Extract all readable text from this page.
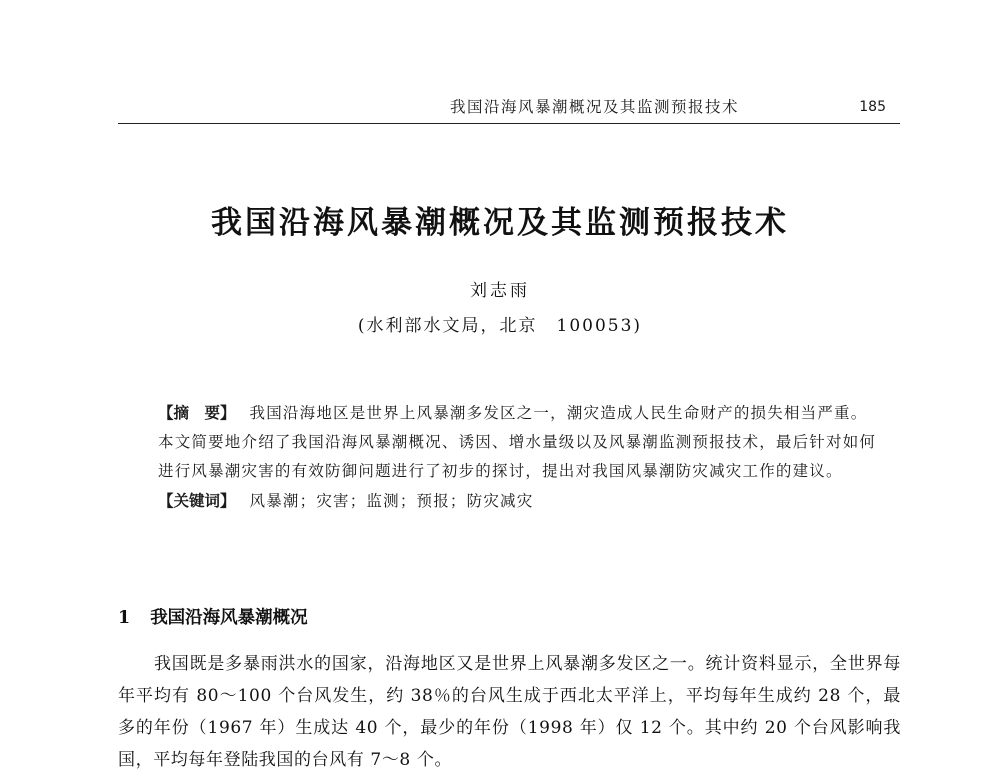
我国沿海风暴潮概况及其监测预报技术	185
我国沿海风暴潮概况及其监测预报技术
刘志雨
(水利部水文局，北京　100053)
【摘　要】 我国沿海地区是世界上风暴潮多发区之一，潮灾造成人民生命财产的损失相当严重。本文简要地介绍了我国沿海风暴潮概况、诱因、增水量级以及风暴潮监测预报技术，最后针对如何进行风暴潮灾害的有效防御问题进行了初步的探讨，提出对我国风暴潮防灾减灾工作的建议。
【关键词】 风暴潮；灾害；监测；预报；防灾减灾
1 我国沿海风暴潮概况

我国既是多暴雨洪水的国家，沿海地区又是世界上风暴潮多发区之一。统计资料显示，全世界每年平均有 80～100 个台风发生，约 38％的台风生成于西北太平洋上，平均每年生成约 28 个，最多的年份（1967 年）生成达 40 个，最少的年份（1998 年）仅 12 个。其中约 20 个台风影响我国，平均每年登陆我国的台风有 7～8 个。
